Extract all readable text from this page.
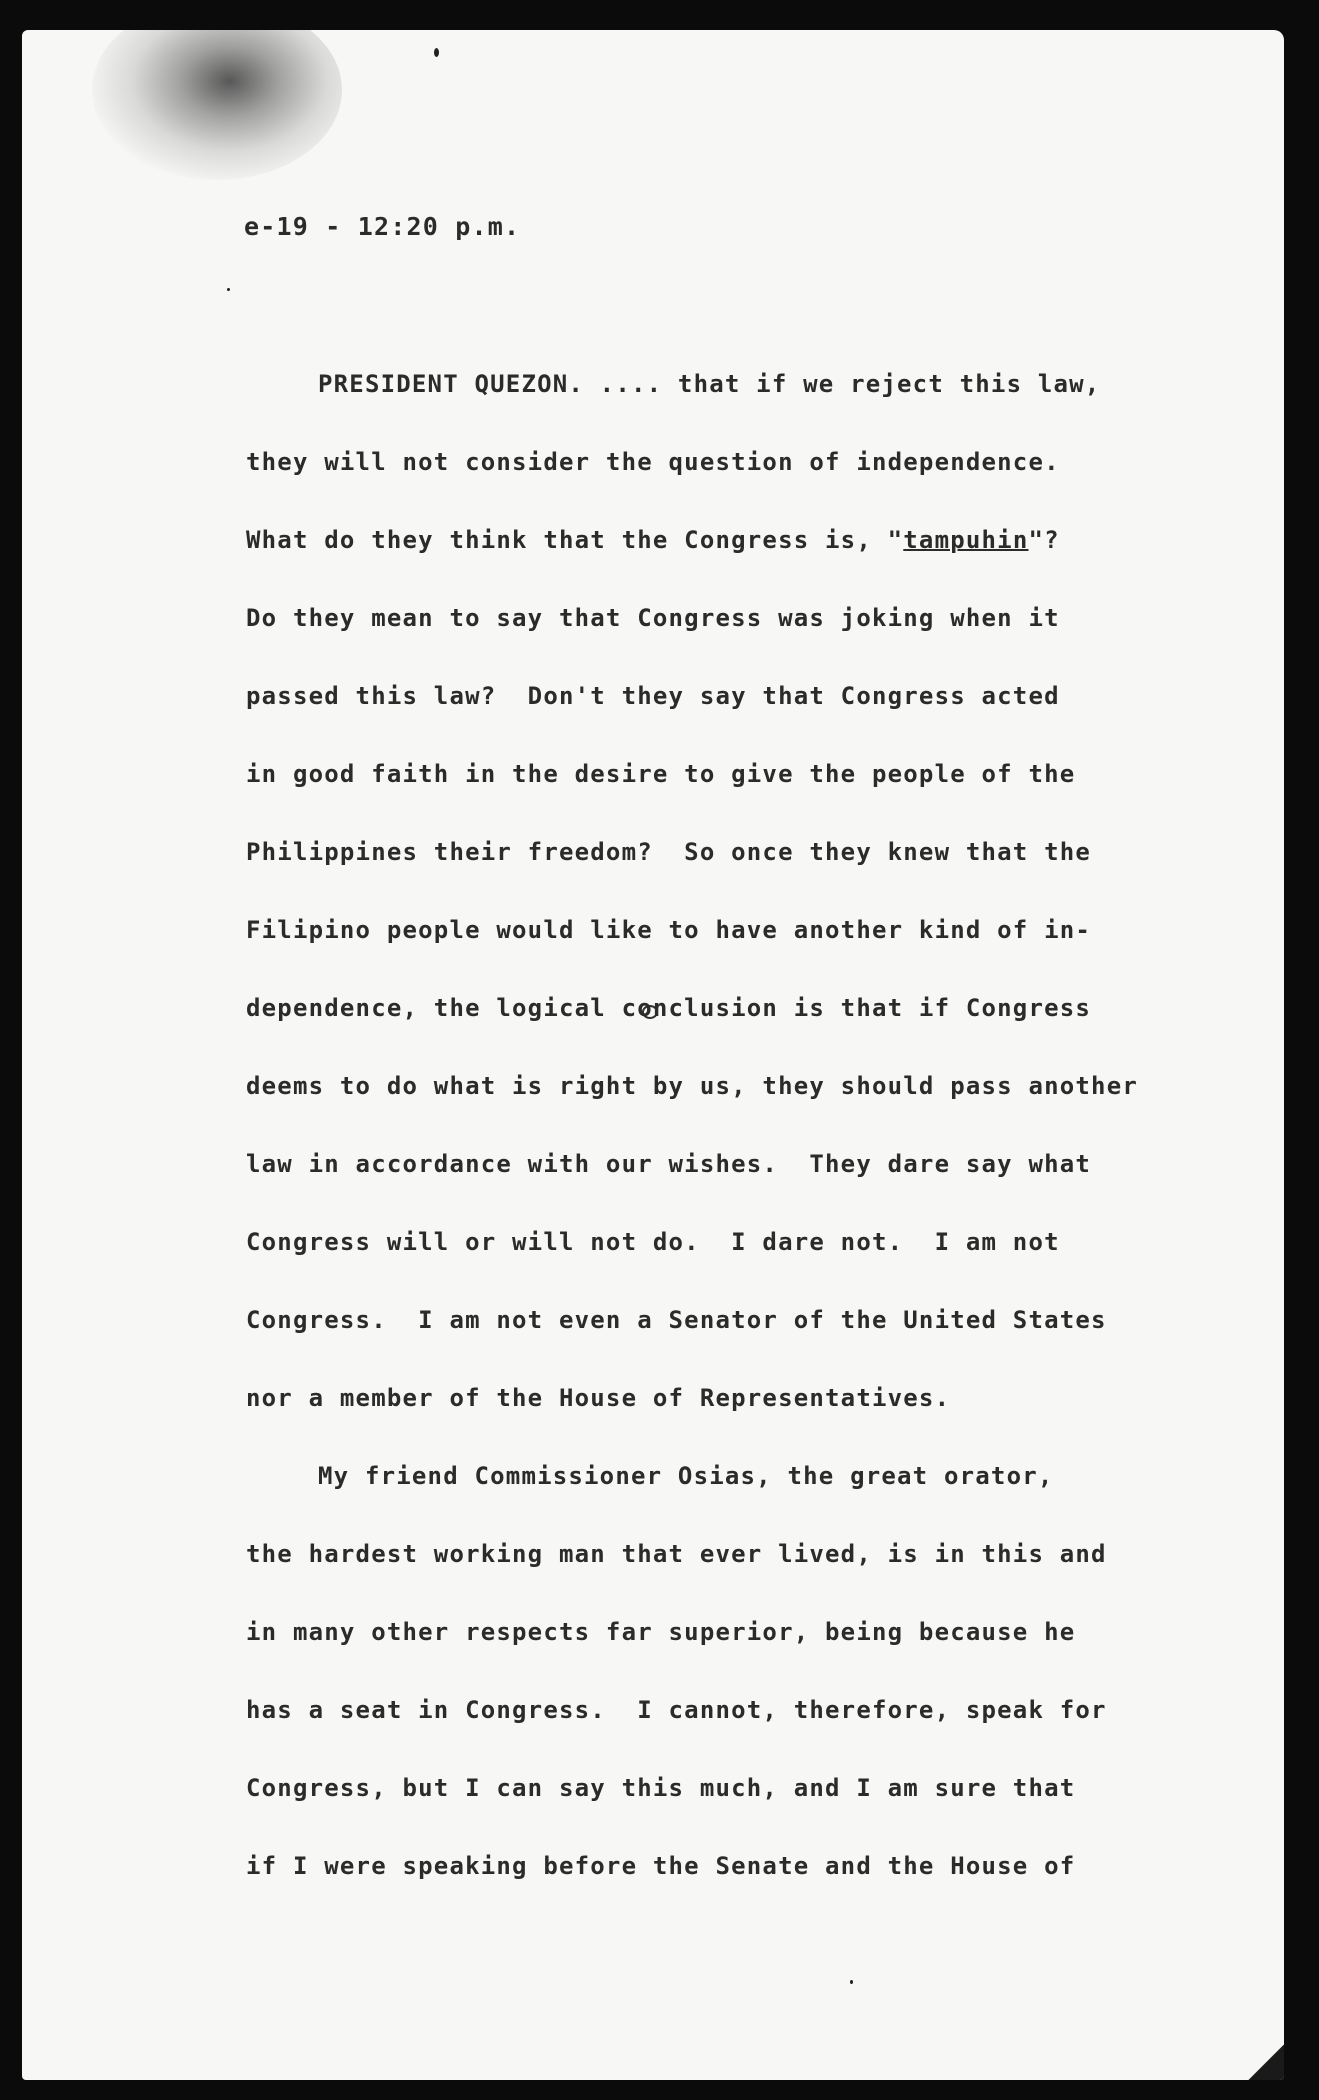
e-19 - 12:20 p.m.
PRESIDENT QUEZON. .... that if we reject this law,
they will not consider the question of independence.
What do they think that the Congress is, "tampuhin"?
Do they mean to say that Congress was joking when it
passed this law?  Don't they say that Congress acted
in good faith in the desire to give the people of the
Philippines their freedom?  So once they knew that the
Filipino people would like to have another kind of in-
dependence, the logical conclusion is that if Congress
deems to do what is right by us, they should pass another
law in accordance with our wishes.  They dare say what
Congress will or will not do.  I dare not.  I am not
Congress.  I am not even a Senator of the United States
nor a member of the House of Representatives.
My friend Commissioner Osias, the great orator,
the hardest working man that ever lived, is in this and
in many other respects far superior, being because he
has a seat in Congress.  I cannot, therefore, speak for
Congress, but I can say this much, and I am sure that
if I were speaking before the Senate and the House of
